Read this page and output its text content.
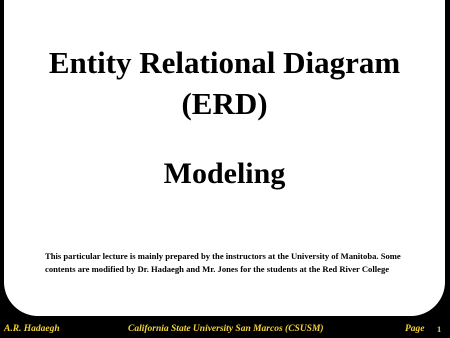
Entity Relational Diagram
(ERD)
Modeling

This particular lecture is mainly prepared by the instructors at the University of Manitoba. Some contents are modified by Dr. Hadaegh and Mr. Jones for the students at the Red River College

A.R. Hadaegh	California State University San Marcos (CSUSM)	Page 1
